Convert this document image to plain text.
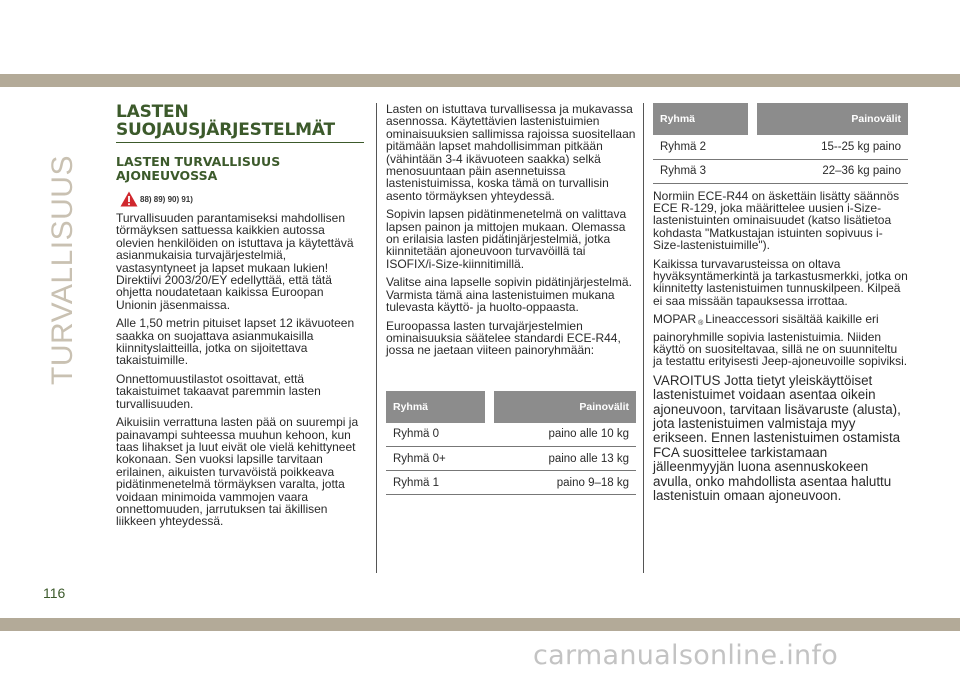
TURVALLISUUS
LASTEN SUOJAUSJÄRJESTELMÄT
LASTEN TURVALLISUUS AJONEUVOSSA
88) 89) 90) 91)

Turvallisuuden parantamiseksi mahdollisen törmäyksen sattuessa kaikkien autossa olevien henkilöiden on istuttava ja käytettävä asianmukaisia turvajärjestelmiä, vastasyntyneet ja lapset mukaan lukien! Direktiivi 2003/20/EY edellyttää, että tätä ohjetta noudatetaan kaikissa Euroopan Unionin jäsenmaissa.

Alle 1,50 metrin pituiset lapset 12 ikävuoteen saakka on suojattava asianmukaisilla kiinnityslaitteilla, jotka on sijoitettava takaistuimille.

Onnettomuustilastot osoittavat, että takaistuimet takaavat paremmin lasten turvallisuuden.

Aikuisiin verrattuna lasten pää on suurempi ja painavampi suhteessa muuhun kehoon, kun taas lihakset ja luut eivät ole vielä kehittyneet kokonaan. Sen vuoksi lapsille tarvitaan erilainen, aikuisten turvavöistä poikkeava pidätinmenetelmä törmäyksen varalta, jotta voidaan minimoida vammojen vaara onnettomuuden, jarrutuksen tai äkillisen liikkeen yhteydessä.

Lasten on istuttava turvallisessa ja mukavassa asennossa. Käytettävien lastenistuimien ominaisuuksien sallimissa rajoissa suositellaan pitämään lapset mahdollisimman pitkään (vähintään 3-4 ikävuoteen saakka) selkä menosuuntaan päin asennetuissa lastenistuimissa, koska tämä on turvallisin asento törmäyksen yhteydessä.

Sopivin lapsen pidätinmenetelmä on valittava lapsen painon ja mittojen mukaan. Olemassa on erilaisia lasten pidätinjärjestelmiä, jotka kiinnitetään ajoneuvoon turvavöillä tai ISOFIX/i-Size-kiinnitimillä.

Valitse aina lapselle sopivin pidätinjärjestelmä. Varmista tämä aina lastenistuimen mukana tulevasta käyttö- ja huolto-oppaasta.

Euroopassa lasten turvajärjestelmien ominaisuuksia säätelee standardi ECE-R44, jossa ne jaetaan viiteen painoryhmään:

Ryhmä	Painovälit
Ryhmä 0	paino alle 10 kg
Ryhmä 0+	paino alle 13 kg
Ryhmä 1	paino 9–18 kg
Ryhmä	Painovälit
Ryhmä 2	15--25 kg paino
Ryhmä 3	22–36 kg paino

Normiin ECE-R44 on äskettäin lisätty säännös ECE R-129, joka määrittelee uusien i-Size-lastenistuinten ominaisuudet (katso lisätietoa kohdasta "Matkustajan istuinten sopivuus i-Size-lastenistuimille").

Kaikissa turvavarusteissa on oltava hyväksyntämerkintä ja tarkastusmerkki, jotka on kiinnitetty lastenistuimen tunnuskilpeen. Kilpeä ei saa missään tapauksessa irrottaa.

MOPAR ® Lineaccessori sisältää kaikille eri painoryhmille sopivia lastenistuimia. Niiden käyttö on suositeltavaa, sillä ne on suunniteltu ja testattu erityisesti Jeep-ajoneuvoille sopiviksi.

VAROITUS Jotta tietyt yleiskäyttöiset lastenistuimet voidaan asentaa oikein ajoneuvoon, tarvitaan lisävaruste (alusta), jota lastenistuimen valmistaja myy erikseen. Ennen lastenistuimen ostamista FCA suosittelee tarkistamaan jälleenmyyjän luona asennuskokeen avulla, onko mahdollista asentaa haluttu lastenistuin omaan ajoneuvoon.

116
carmanualsonline.info
